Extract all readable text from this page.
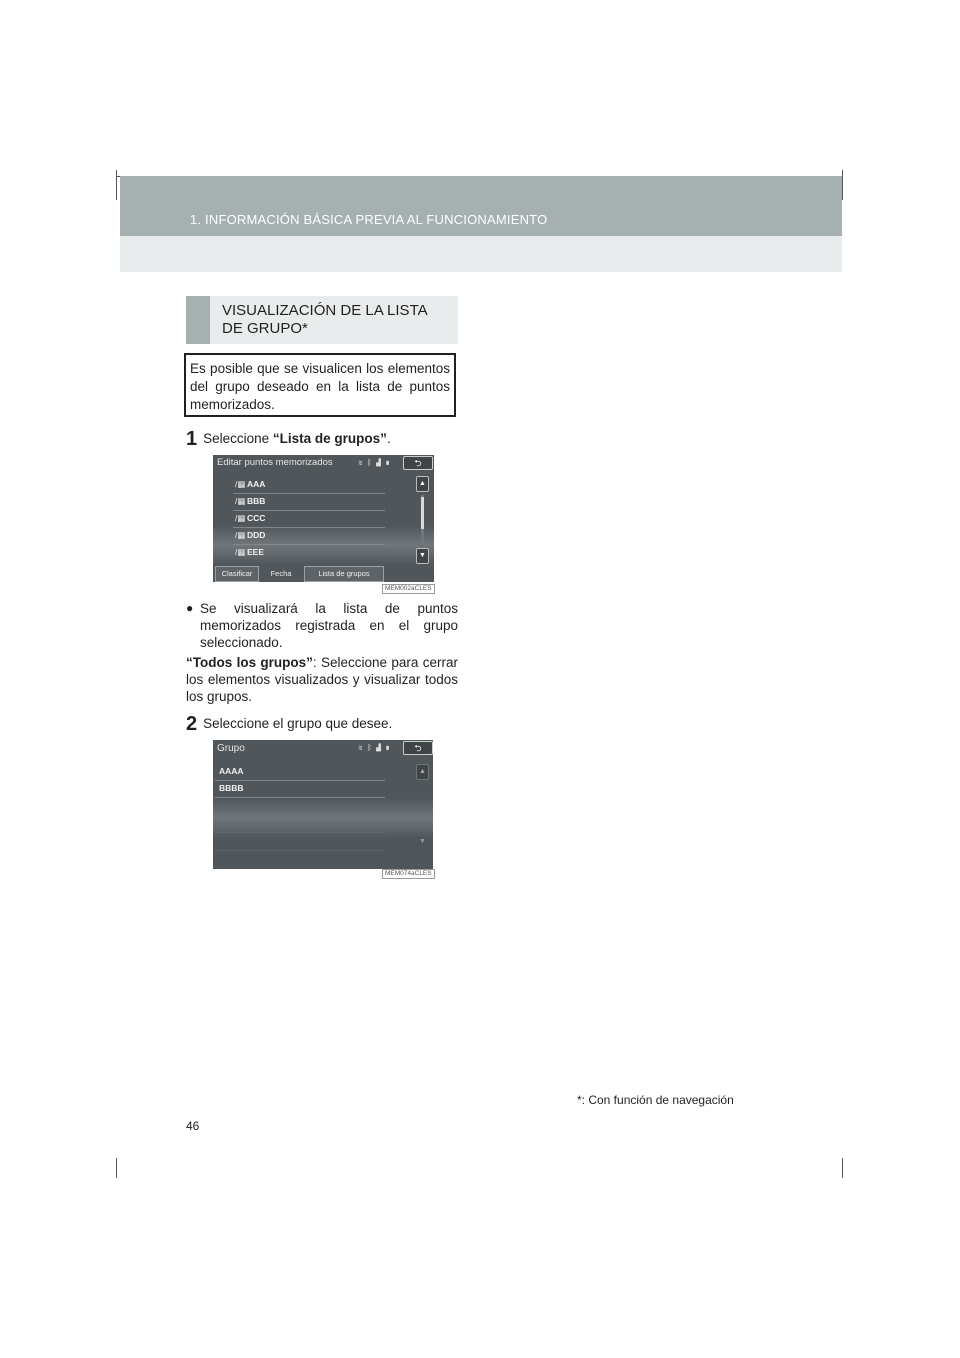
1. INFORMACIÓN BÁSICA PREVIA AL FUNCIONAMIENTO
VISUALIZACIÓN DE LA LISTA
DE GRUPO*
Es posible que se visualicen los elementos del grupo deseado en la lista de puntos memorizados.
1 Seleccione “Lista de grupos”.
Editar puntos memorizados	≋ ᛒ ▟ ▮	⮌
/▦ AAA
/▦ BBB
/▦ CCC
/▦ DDD
/▦ EEE
▲
▼
Clasificar	Fecha	Lista de grupos
MEM002aCLES
● Se visualizará la lista de puntos memorizados registrada en el grupo seleccionado.
“Todos los grupos”: Seleccione para cerrar los elementos visualizados y visualizar todos los grupos.
2 Seleccione el grupo que desee.
Grupo	≋ ᛒ ▟ ▮	⮌
AAAA
BBBB
▲
▼
MEM074aCLES
*: Con función de navegación
46
